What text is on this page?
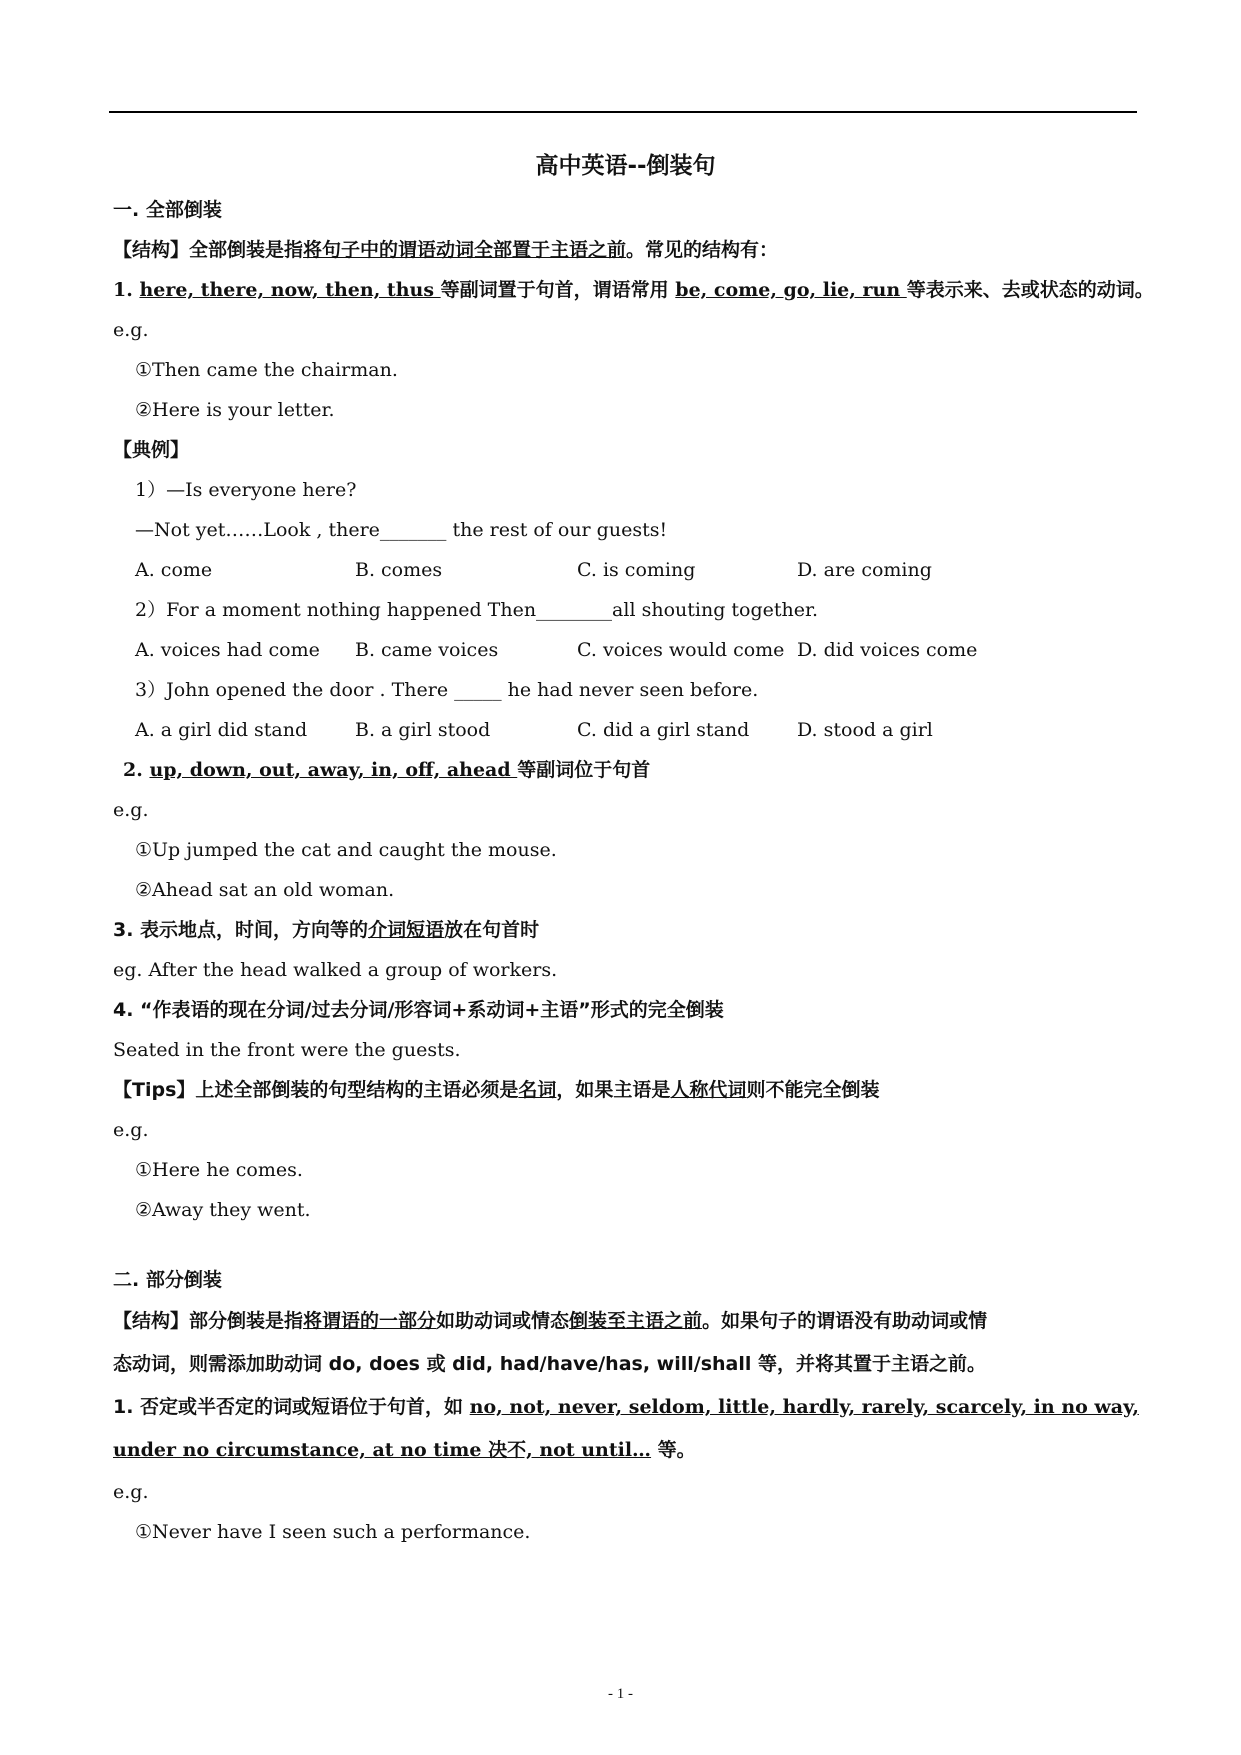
高中英语--倒装句
一. 全部倒装
【结构】全部倒装是指将句子中的谓语动词全部置于主语之前。常见的结构有：
1. here, there, now, then, thus 等副词置于句首，谓语常用 be, come, go, lie, run 等表示来、去或状态的动词。
e.g.
①Then came the chairman.
②Here is your letter.
【典例】
1）—Is everyone here?
—Not yet……Look , there_______ the rest of our guests!
A. come	B. comes	C. is coming	D. are coming
2）For a moment nothing happened Then________all shouting together.
A. voices had come	B. came voices	C. voices would come D. did voices come
3）John opened the door . There _____ he had never seen before.
A. a girl did stand	B. a girl stood	C. did a girl stand	D. stood a girl
2. up, down, out, away, in, off, ahead 等副词位于句首
e.g.
①Up jumped the cat and caught the mouse.
②Ahead sat an old woman.
3. 表示地点，时间，方向等的介词短语放在句首时
eg. After the head walked a group of workers.
4. “作表语的现在分词/过去分词/形容词+系动词+主语”形式的完全倒装
Seated in the front were the guests.
【Tips】上述全部倒装的句型结构的主语必须是名词，如果主语是人称代词则不能完全倒装
e.g.
①Here he comes.
②Away they went.
二. 部分倒装
【结构】部分倒装是指将谓语的一部分如助动词或情态倒装至主语之前。如果句子的谓语没有助动词或情
态动词，则需添加助动词 do, does 或 did, had/have/has, will/shall 等，并将其置于主语之前。
1. 否定或半否定的词或短语位于句首，如 no, not, never, seldom, little, hardly, rarely, scarcely, in no way,
under no circumstance, at no time 决不, not until… 等。
e.g.
①Never have I seen such a performance.
- 1 -
